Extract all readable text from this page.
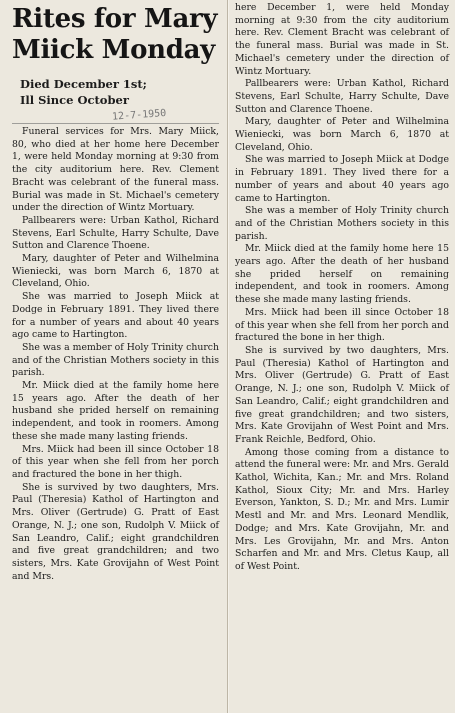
Rites for Mary
Miick Monday
Died December 1st;
Ill Since October
12-7-1950

Funeral services for Mrs. Mary Miick, 80, who died at her home here December 1, were held Monday morning at 9:30 from the city auditorium here. Rev. Clement Bracht was celebrant of the funeral mass. Burial was made in St. Michael's cemetery under the direction of Wintz Mortuary.

Pallbearers were: Urban Kathol, Richard Stevens, Earl Schulte, Harry Schulte, Dave Sutton and Clarence Thoene.

Mary, daughter of Peter and Wilhelmina Wieniecki, was born March 6, 1870 at Cleveland, Ohio.

She was married to Joseph Miick at Dodge in February 1891. They lived there for a number of years and about 40 years ago came to Hartington.

She was a member of Holy Trinity church and of the Christian Mothers society in this parish.

Mr. Miick died at the family home here 15 years ago. After the death of her husband she prided herself on remaining independent, and took in roomers. Among these she made many lasting friends.

Mrs. Miick had been ill since October 18 of this year when she fell from her porch and fractured the bone in her thigh.

She is survived by two daughters, Mrs. Paul (Theresia) Kathol of Hartington and Mrs. Oliver (Gertrude) G. Pratt of East Orange, N. J.; one son, Rudolph V. Miick of San Leandro, Calif.; eight grandchildren and five great grandchildren; and two sisters, Mrs. Kate Grovijahn of West Point and Mrs.

here December 1, were held Monday morning at 9:30 from the city auditorium here. Rev. Clement Bracht was celebrant of the funeral mass. Burial was made in St. Michael's cemetery under the direction of Wintz Mortuary.

Pallbearers were: Urban Kathol, Richard Stevens, Earl Schulte, Harry Schulte, Dave Sutton and Clarence Thoene.

Mary, daughter of Peter and Wilhelmina Wieniecki, was born March 6, 1870 at Cleveland, Ohio.

She was married to Joseph Miick at Dodge in February 1891. They lived there for a number of years and about 40 years ago came to Hartington.

She was a member of Holy Trinity church and of the Christian Mothers society in this parish.

Mr. Miick died at the family home here 15 years ago. After the death of her husband she prided herself on remaining independent, and took in roomers. Among these she made many lasting friends.

Mrs. Miick had been ill since October 18 of this year when she fell from her porch and fractured the bone in her thigh.

She is survived by two daughters, Mrs. Paul (Theresia) Kathol of Hartington and Mrs. Oliver (Gertrude) G. Pratt of East Orange, N. J.; one son, Rudolph V. Miick of San Leandro, Calif.; eight grandchildren and five great grandchildren; and two sisters, Mrs. Kate Grovijahn of West Point and Mrs. Frank Reichle, Bedford, Ohio.

Among those coming from a distance to attend the funeral were: Mr. and Mrs. Gerald Kathol, Wichita, Kan.; Mr. and Mrs. Roland Kathol, Sioux City; Mr. and Mrs. Harley Everson, Yankton, S. D.; Mr. and Mrs. Lumir Mestl and Mr. and Mrs. Leonard Mendlik, Dodge; and Mrs. Kate Grovijahn, Mr. and Mrs. Les Grovijahn, Mr. and Mrs. Anton Scharfen and Mr. and Mrs. Cletus Kaup, all of West Point.
